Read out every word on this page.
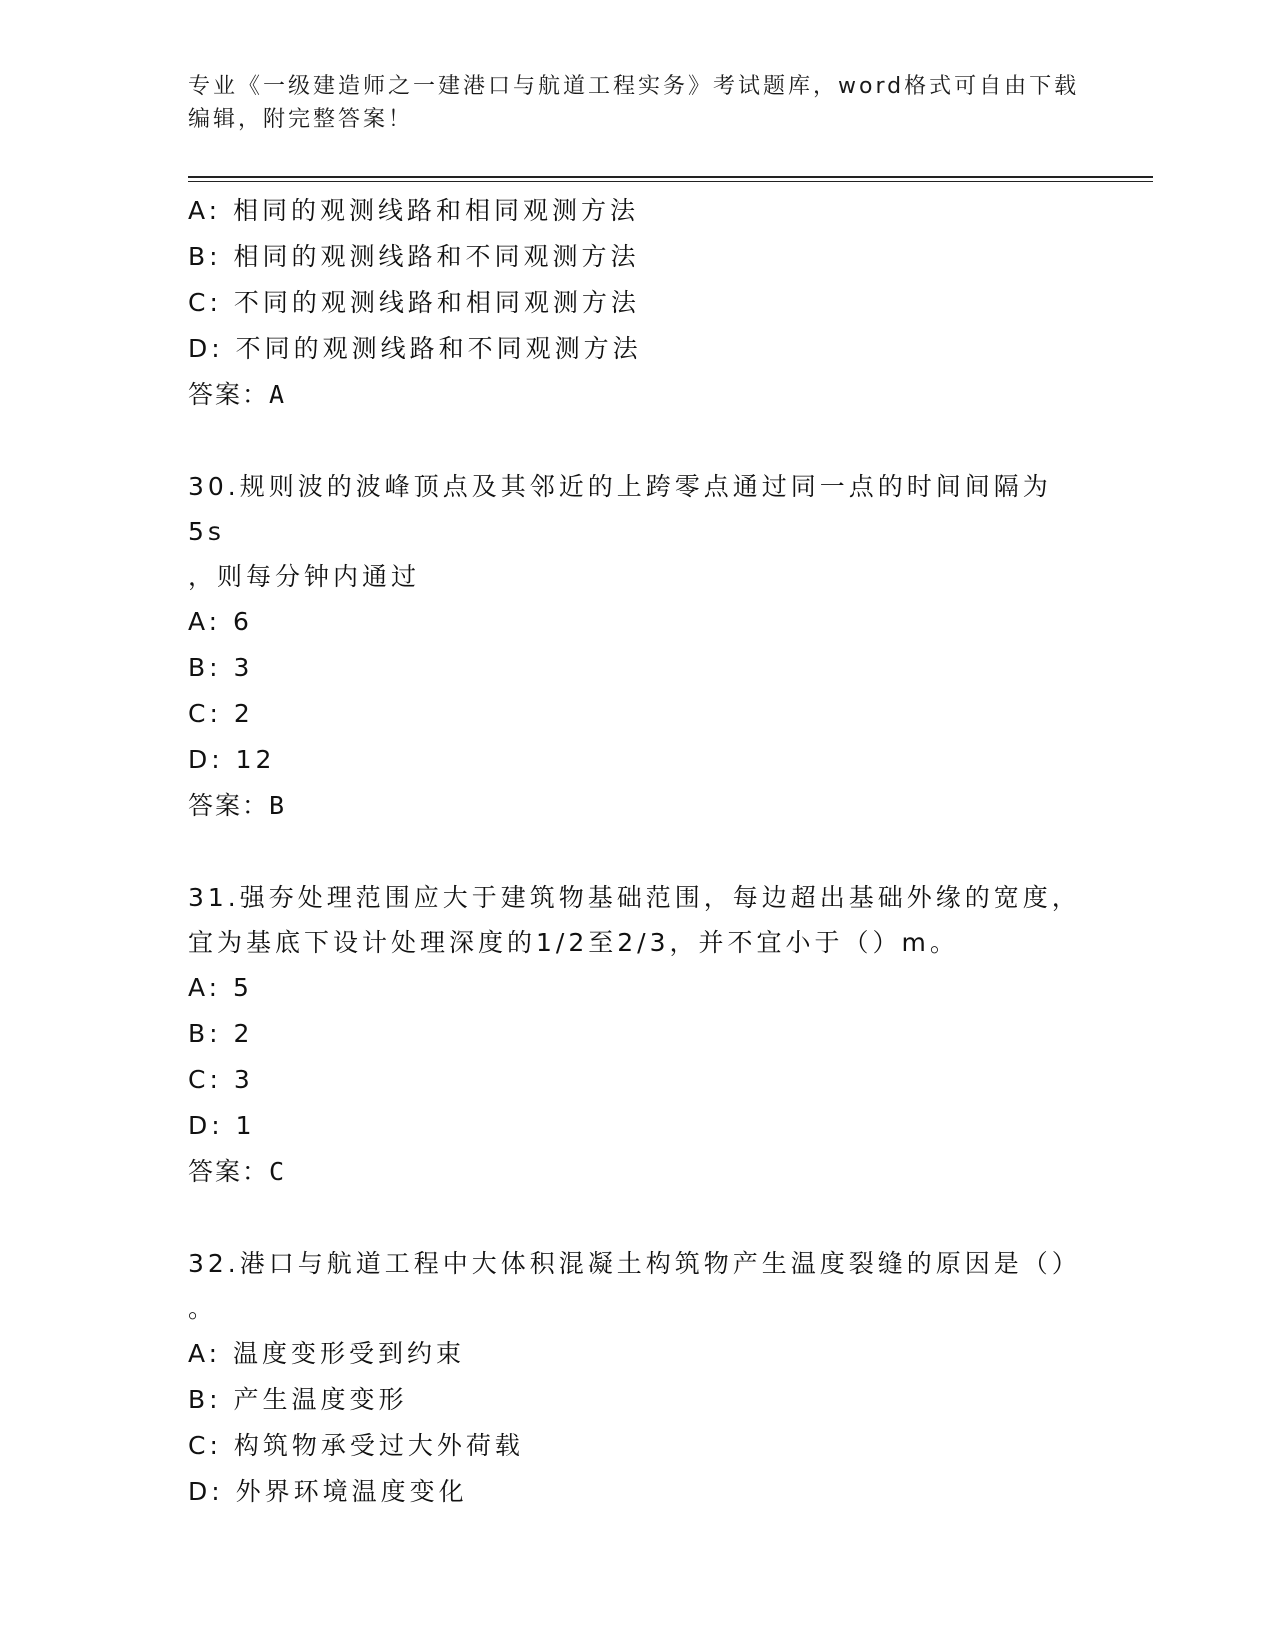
专业《一级建造师之一建港口与航道工程实务》考试题库，word格式可自由下载
编辑，附完整答案！
A: 相同的观测线路和相同观测方法
B: 相同的观测线路和不同观测方法
C: 不同的观测线路和相同观测方法
D: 不同的观测线路和不同观测方法
答案：A
30.规则波的波峰顶点及其邻近的上跨零点通过同一点的时间间隔为5s
，则每分钟内通过
A: 6
B: 3
C: 2
D: 12
答案：B
31.强夯处理范围应大于建筑物基础范围，每边超出基础外缘的宽度，
宜为基底下设计处理深度的1/2至2/3，并不宜小于（）m。
A: 5
B: 2
C: 3
D: 1
答案：C
32.港口与航道工程中大体积混凝土构筑物产生温度裂缝的原因是（）
。
A: 温度变形受到约束
B: 产生温度变形
C: 构筑物承受过大外荷载
D: 外界环境温度变化
